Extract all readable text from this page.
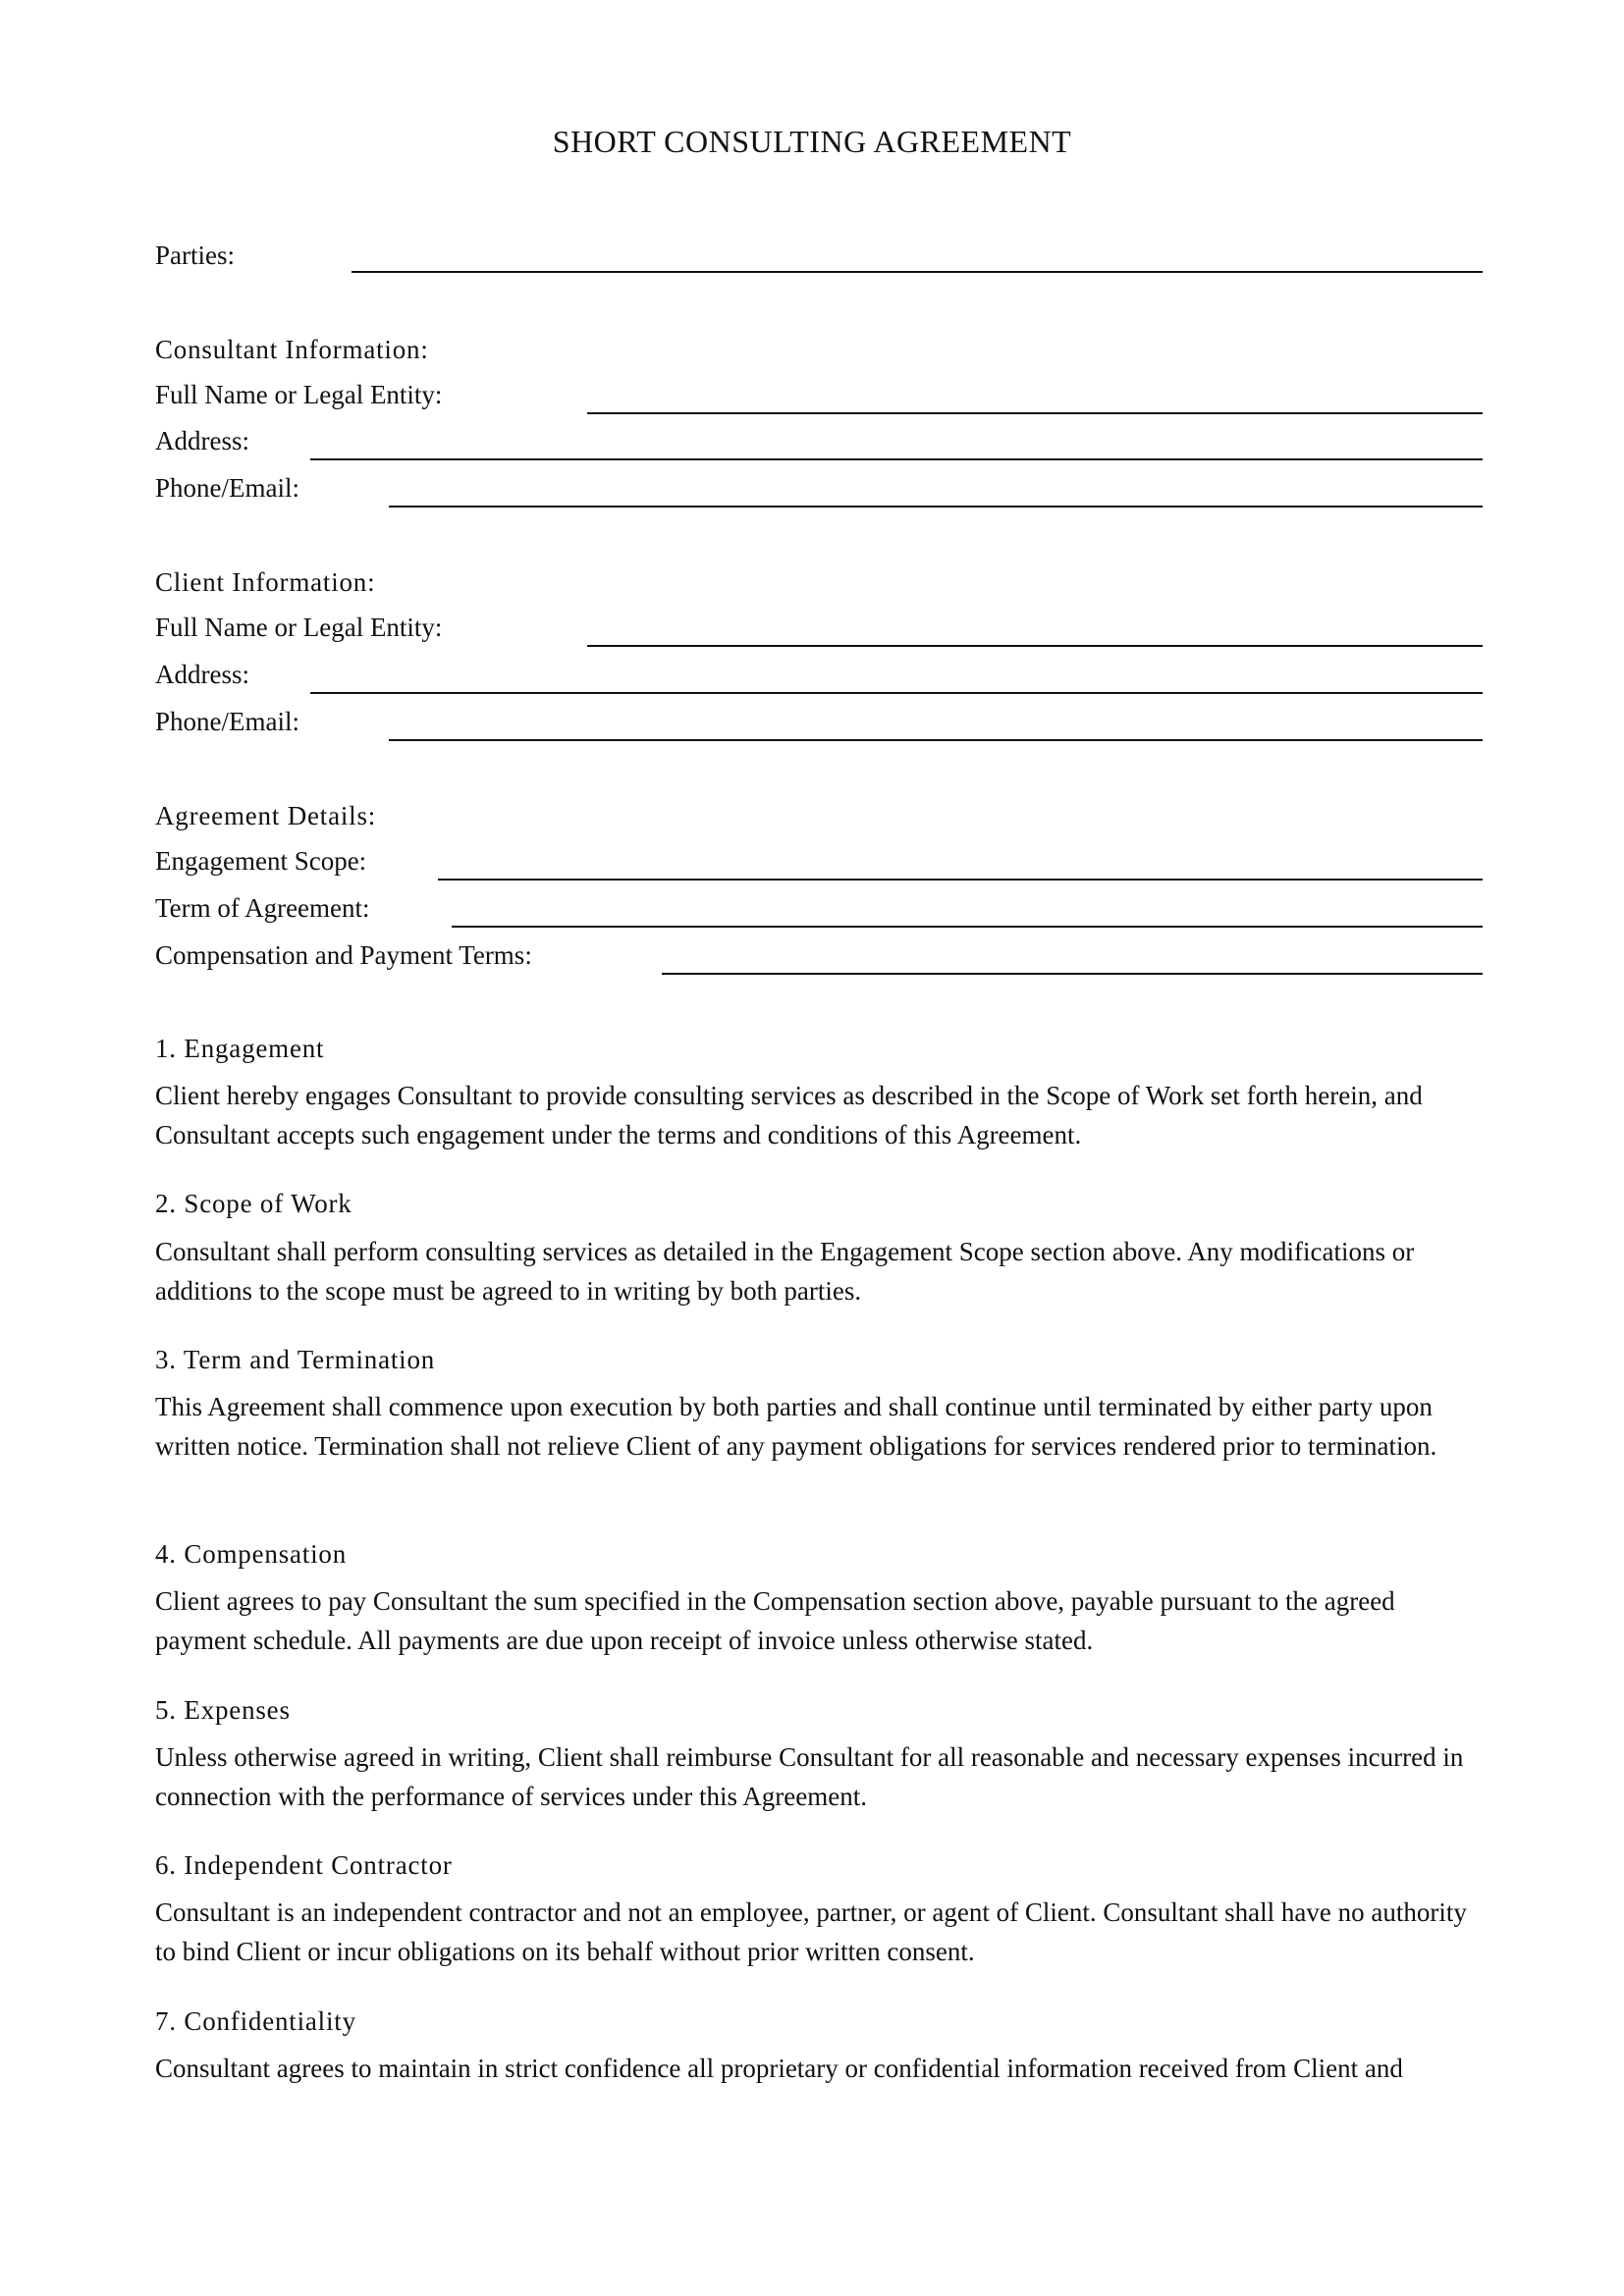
SHORT CONSULTING AGREEMENT
Parties:
Consultant Information:
Full Name or Legal Entity:
Address:
Phone/Email:
Client Information:
Full Name or Legal Entity:
Address:
Phone/Email:
Agreement Details:
Engagement Scope:
Term of Agreement:
Compensation and Payment Terms:
1. Engagement
Client hereby engages Consultant to provide consulting services as described in the Scope of Work set forth herein, and Consultant accepts such engagement under the terms and conditions of this Agreement.
2. Scope of Work
Consultant shall perform consulting services as detailed in the Engagement Scope section above. Any modifications or additions to the scope must be agreed to in writing by both parties.
3. Term and Termination
This Agreement shall commence upon execution by both parties and shall continue until terminated by either party upon written notice. Termination shall not relieve Client of any payment obligations for services rendered prior to termination.
4. Compensation
Client agrees to pay Consultant the sum specified in the Compensation section above, payable pursuant to the agreed payment schedule. All payments are due upon receipt of invoice unless otherwise stated.
5. Expenses
Unless otherwise agreed in writing, Client shall reimburse Consultant for all reasonable and necessary expenses incurred in connection with the performance of services under this Agreement.
6. Independent Contractor
Consultant is an independent contractor and not an employee, partner, or agent of Client. Consultant shall have no authority to bind Client or incur obligations on its behalf without prior written consent.
7. Confidentiality
Consultant agrees to maintain in strict confidence all proprietary or confidential information received from Client and
